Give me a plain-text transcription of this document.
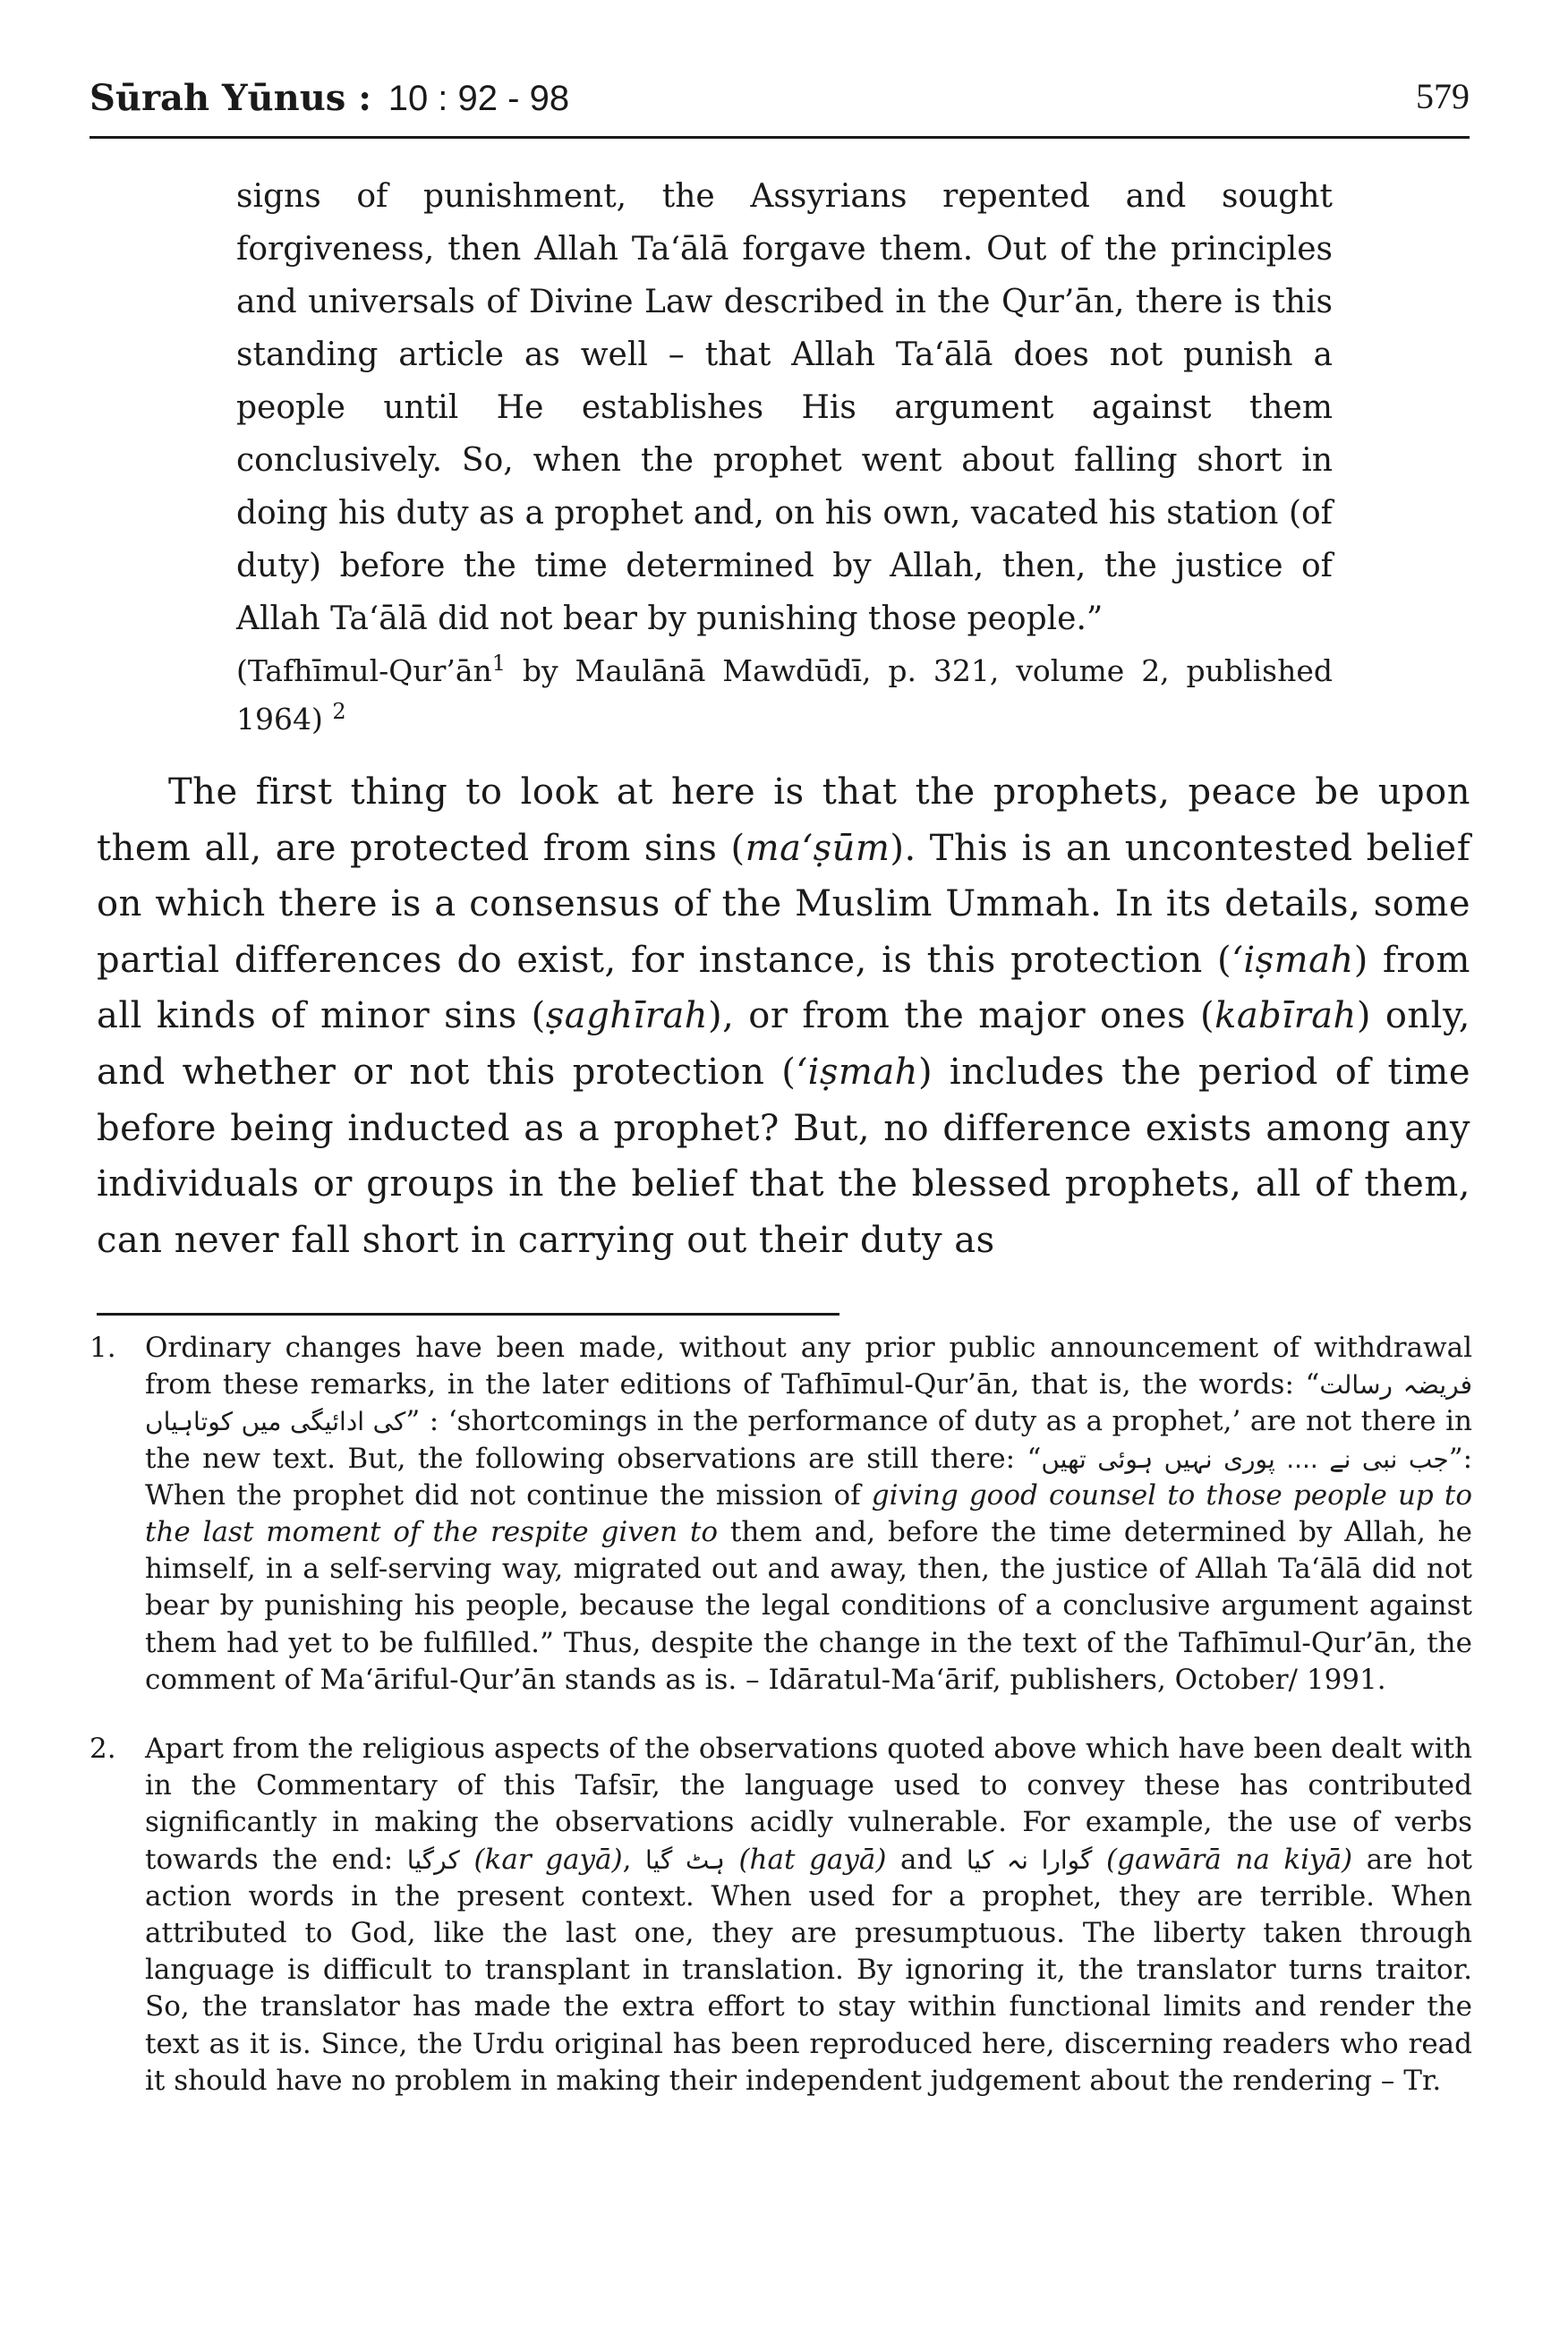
Sūrah Yūnus : 10 : 92 - 98	579

signs of punishment, the Assyrians repented and sought forgiveness, then Allah Ta‘ālā forgave them. Out of the principles and universals of Divine Law described in the Qur’ān, there is this standing article as well – that Allah Ta‘ālā does not punish a people until He establishes His argument against them conclusively. So, when the prophet went about falling short in doing his duty as a prophet and, on his own, vacated his station (of duty) before the time determined by Allah, then, the justice of Allah Ta‘ālā did not bear by punishing those people.”

($Tafhīmul-Qur’ān^1$ by Maulānā Mawdūdī, p. 321, volume 2, published 1964) $^2$

The first thing to look at here is that the prophets, peace be upon them all, are protected from sins (ma‘ṣūm). This is an uncontested belief on which there is a consensus of the Muslim Ummah. In its details, some partial differences do exist, for instance, is this protection (‘iṣmah) from all kinds of minor sins (ṣaghīrah), or from the major ones (kabīrah) only, and whether or not this protection (‘iṣmah) includes the period of time before being inducted as a prophet? But, no difference exists among any individuals or groups in the belief that the blessed prophets, all of them, can never fall short in carrying out their duty as

1. Ordinary changes have been made, without any prior public announcement of withdrawal from these remarks, in the later editions of Tafhīmul-Qur’ān, that is, the words: “فریضہ رسالت کی ادائیگی میں کوتاہیاں” : ‘shortcomings in the performance of duty as a prophet,’ are not there in the new text. But, the following observations are still there: “جب نبی نے .... پوری نہیں ہوئی تھیں”: When the prophet did not continue the mission of giving good counsel to those people up to the last moment of the respite given to them and, before the time determined by Allah, he himself, in a self-serving way, migrated out and away, then, the justice of Allah Ta‘ālā did not bear by punishing his people, because the legal conditions of a conclusive argument against them had yet to be fulfilled.” Thus, despite the change in the text of the Tafhīmul-Qur’ān, the comment of Ma‘āriful-Qur’ān stands as is. – Idāratul-Ma‘ārif, publishers, October/ 1991.

2. Apart from the religious aspects of the observations quoted above which have been dealt with in the Commentary of this Tafsīr, the language used to convey these has contributed significantly in making the observations acidly vulnerable. For example, the use of verbs towards the end: کرگیا (kar gayā), ہٹ گیا (hat gayā) and گوارا نہ کیا (gawārā na kiyā) are hot action words in the present context. When used for a prophet, they are terrible. When attributed to God, like the last one, they are presumptuous. The liberty taken through language is difficult to transplant in translation. By ignoring it, the translator turns traitor. So, the translator has made the extra effort to stay within functional limits and render the text as it is. Since, the Urdu original has been reproduced here, discerning readers who read it should have no problem in making their independent judgement about the rendering – Tr.
